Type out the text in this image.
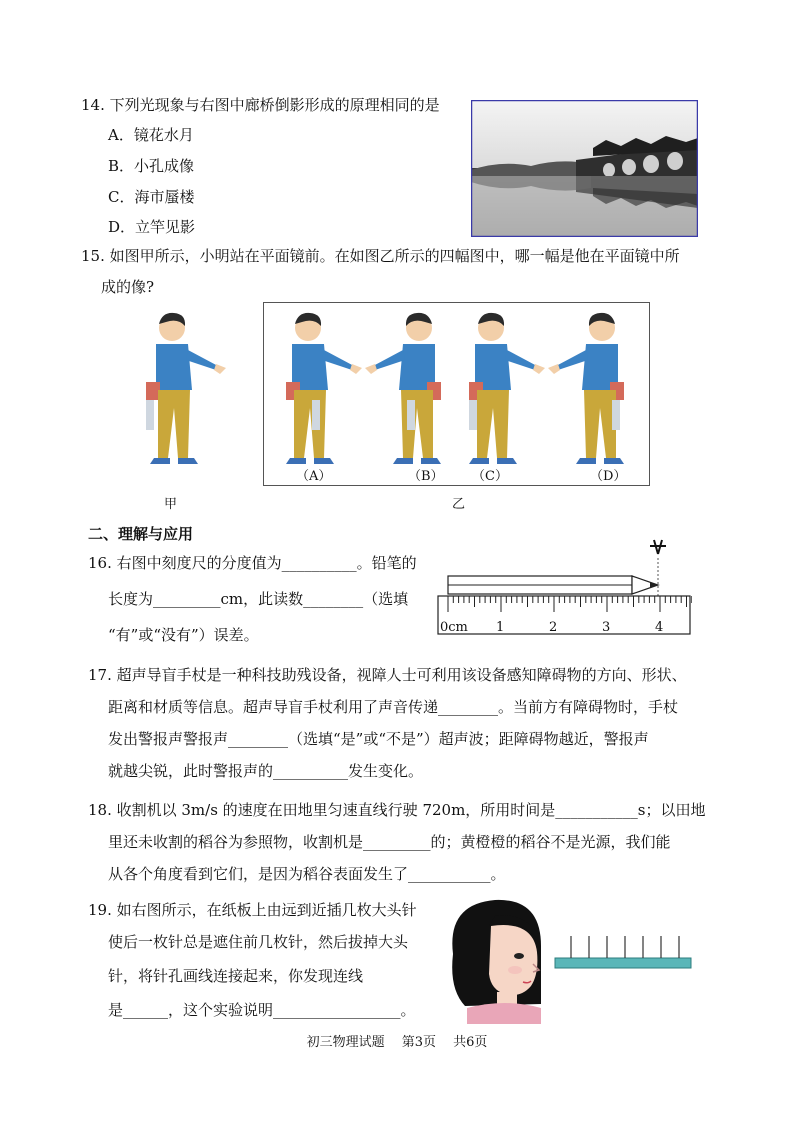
14. 下列光现象与右图中廊桥倒影形成的原理相同的是
A．镜花水月
B．小孔成像
C．海市蜃楼
D．立竿见影
15. 如图甲所示，小明站在平面镜前。在如图乙所示的四幅图中，哪一幅是他在平面镜中所
成的像?
甲
（A）	（B） （C）	（D）
乙
二、理解与应用
16. 右图中刻度尺的分度值为__________。铅笔的
长度为_________cm，此读数________（选填
“有”或“没有”）误差。	0cm 1	2	3	4
17. 超声导盲手杖是一种科技助残设备，视障人士可利用该设备感知障碍物的方向、形状、
距离和材质等信息。超声导盲手杖利用了声音传递________。当前方有障碍物时，手杖
发出警报声警报声________（选填“是”或“不是”）超声波；距障碍物越近，警报声
就越尖锐，此时警报声的__________发生变化。
18. 收割机以 3m/s 的速度在田地里匀速直线行驶 720m，所用时间是___________s；以田地
里还未收割的稻谷为参照物，收割机是_________的；黄橙橙的稻谷不是光源，我们能
从各个角度看到它们，是因为稻谷表面发生了___________。
19. 如右图所示，在纸板上由远到近插几枚大头针
使后一枚针总是遮住前几枚针，然后拔掉大头
针，将针孔画线连接起来，你发现连线
是______，这个实验说明_________________。
初三物理试题　 第3页　 共6页
